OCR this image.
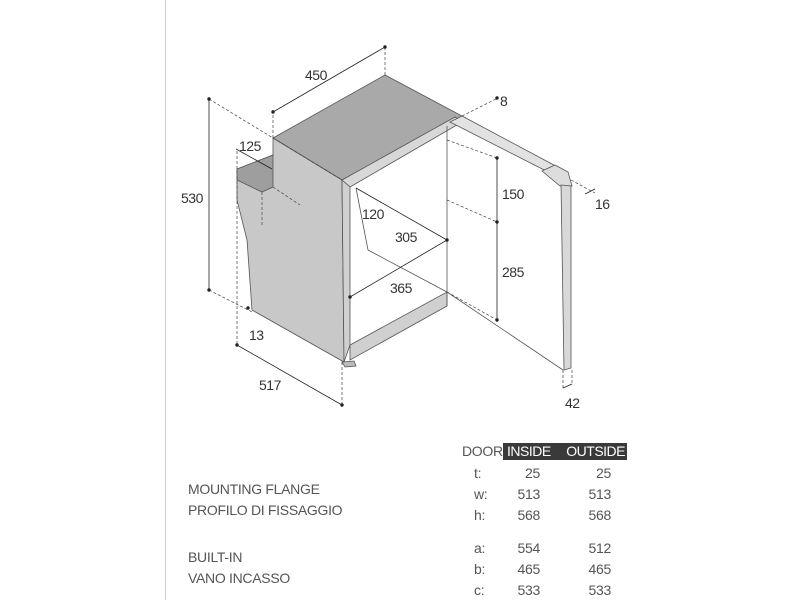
450
8
125
530	150
16
120
305
285
365
13
517
42
MOUNTING FLANGE
PROFILO DI FISSAGGIO
BUILT-IN
VANO INCASSO
DOOR INSIDE OUTSIDE
t:	25	25
w:	513	513
h:	568	568
a:	554	512
b:	465	465
c:	533	533
